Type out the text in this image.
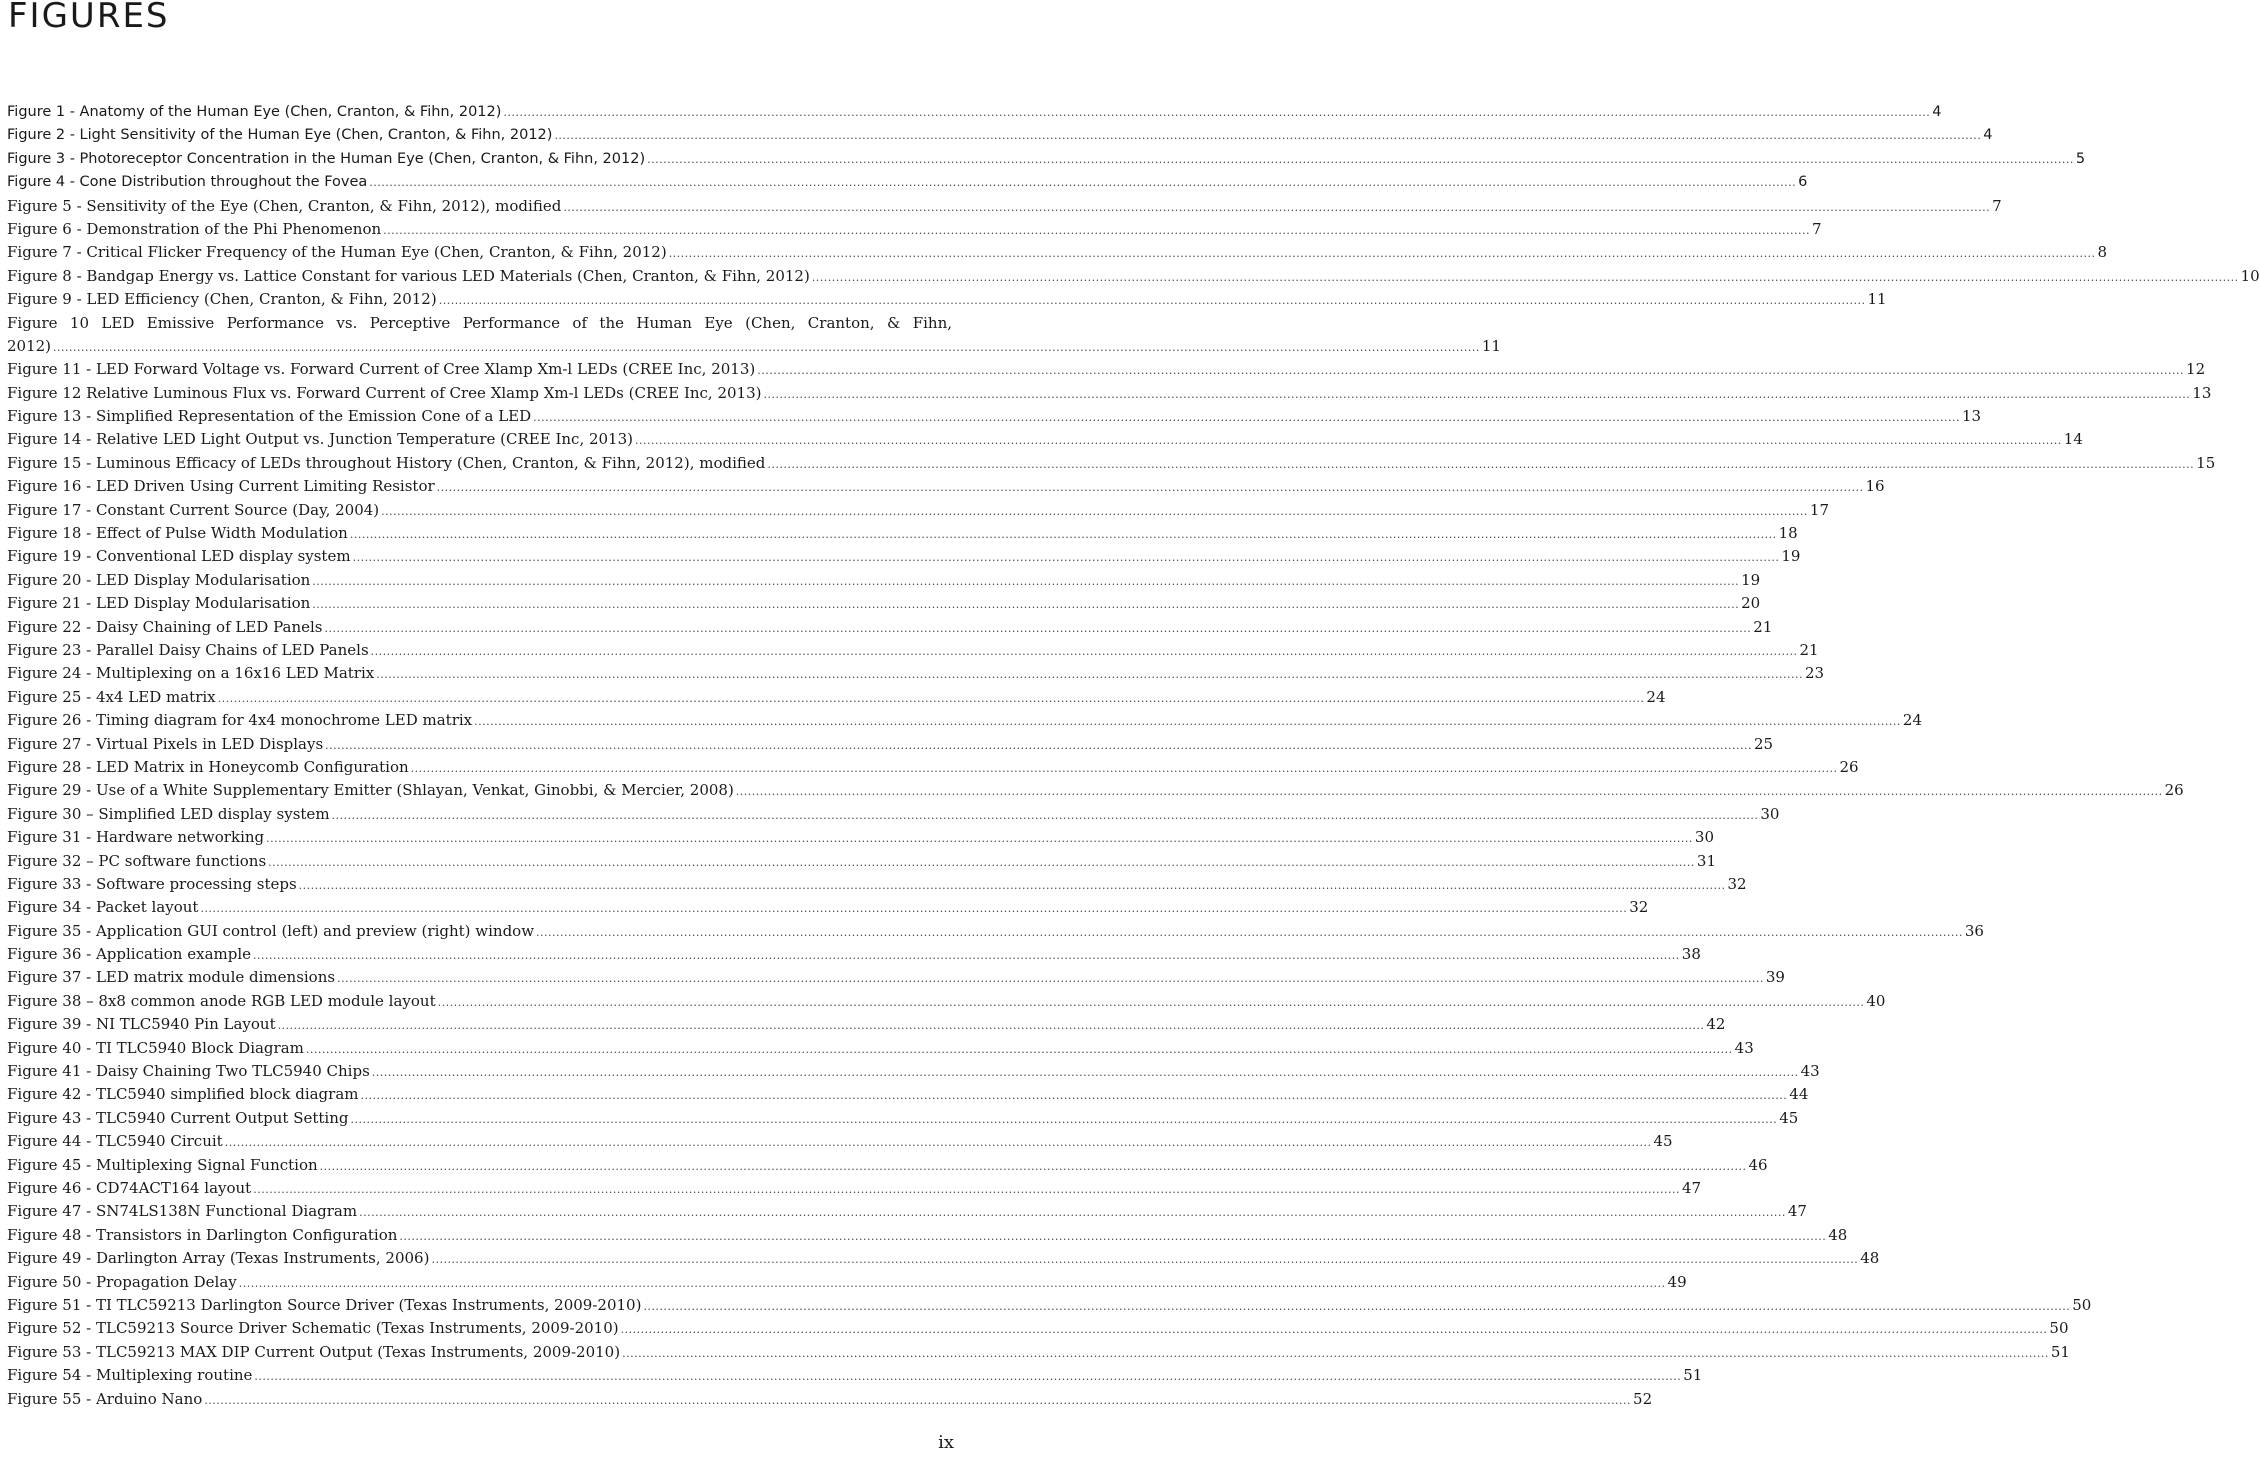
FIGURES
Figure 1 - Anatomy of the Human Eye (Chen, Cranton, & Fihn, 2012) .....	4
Figure 2 - Light Sensitivity of the Human Eye (Chen, Cranton, & Fihn, 2012) .....	4
Figure 3 - Photoreceptor Concentration in the Human Eye (Chen, Cranton, & Fihn, 2012) .....	5
Figure 4 - Cone Distribution throughout the Fovea .....	6
Figure 5 - Sensitivity of the Eye (Chen, Cranton, & Fihn, 2012), modified .....	7
Figure 6 - Demonstration of the Phi Phenomenon .....	7
Figure 7 - Critical Flicker Frequency of the Human Eye (Chen, Cranton, & Fihn, 2012) .....	8
Figure 8 - Bandgap Energy vs. Lattice Constant for various LED Materials (Chen, Cranton, & Fihn, 2012) .....	10
Figure 9 - LED Efficiency (Chen, Cranton, & Fihn, 2012) .....	11
Figure 10 LED Emissive Performance vs. Perceptive Performance of the Human Eye (Chen, Cranton, & Fihn,
2012) .....	11
Figure 11 - LED Forward Voltage vs. Forward Current of Cree Xlamp Xm-l LEDs (CREE Inc, 2013) .....	12
Figure 12 Relative Luminous Flux vs. Forward Current of Cree Xlamp Xm-l LEDs (CREE Inc, 2013) .....	13
Figure 13 - Simplified Representation of the Emission Cone of a LED .....	13
Figure 14 - Relative LED Light Output vs. Junction Temperature (CREE Inc, 2013) .....	14
Figure 15 - Luminous Efficacy of LEDs throughout History (Chen, Cranton, & Fihn, 2012), modified .....	15
Figure 16 - LED Driven Using Current Limiting Resistor .....	16
Figure 17 - Constant Current Source (Day, 2004) .....	17
Figure 18 - Effect of Pulse Width Modulation .....	18
Figure 19 - Conventional LED display system .....	19
Figure 20 - LED Display Modularisation .....	19
Figure 21 - LED Display Modularisation .....	20
Figure 22 - Daisy Chaining of LED Panels .....	21
Figure 23 - Parallel Daisy Chains of LED Panels .....	21
Figure 24 - Multiplexing on a 16x16 LED Matrix .....	23
Figure 25 - 4x4 LED matrix .....	24
Figure 26 - Timing diagram for 4x4 monochrome LED matrix .....	24
Figure 27 - Virtual Pixels in LED Displays .....	25
Figure 28 - LED Matrix in Honeycomb Configuration .....	26
Figure 29 - Use of a White Supplementary Emitter (Shlayan, Venkat, Ginobbi, & Mercier, 2008) .....	26
Figure 30 – Simplified LED display system .....	30
Figure 31 - Hardware networking .....	30
Figure 32 – PC software functions .....	31
Figure 33 - Software processing steps .....	32
Figure 34 - Packet layout .....	32
Figure 35 - Application GUI control (left) and preview (right) window .....	36
Figure 36 - Application example .....	38
Figure 37 - LED matrix module dimensions .....	39
Figure 38 – 8x8 common anode RGB LED module layout .....	40
Figure 39 - NI TLC5940 Pin Layout .....	42
Figure 40 - TI TLC5940 Block Diagram .....	43
Figure 41 - Daisy Chaining Two TLC5940 Chips .....	43
Figure 42 - TLC5940 simplified block diagram .....	44
Figure 43 - TLC5940 Current Output Setting .....	45
Figure 44 - TLC5940 Circuit .....	45
Figure 45 - Multiplexing Signal Function .....	46
Figure 46 - CD74ACT164 layout .....	47
Figure 47 - SN74LS138N Functional Diagram .....	47
Figure 48 - Transistors in Darlington Configuration .....	48
Figure 49 - Darlington Array (Texas Instruments, 2006) .....	48
Figure 50 - Propagation Delay .....	49
Figure 51 - TI TLC59213 Darlington Source Driver (Texas Instruments, 2009-2010) .....	50
Figure 52 - TLC59213 Source Driver Schematic (Texas Instruments, 2009-2010) .....	50
Figure 53 - TLC59213 MAX DIP Current Output (Texas Instruments, 2009-2010) .....	51
Figure 54 - Multiplexing routine .....	51
Figure 55 - Arduino Nano .....	52
ix
